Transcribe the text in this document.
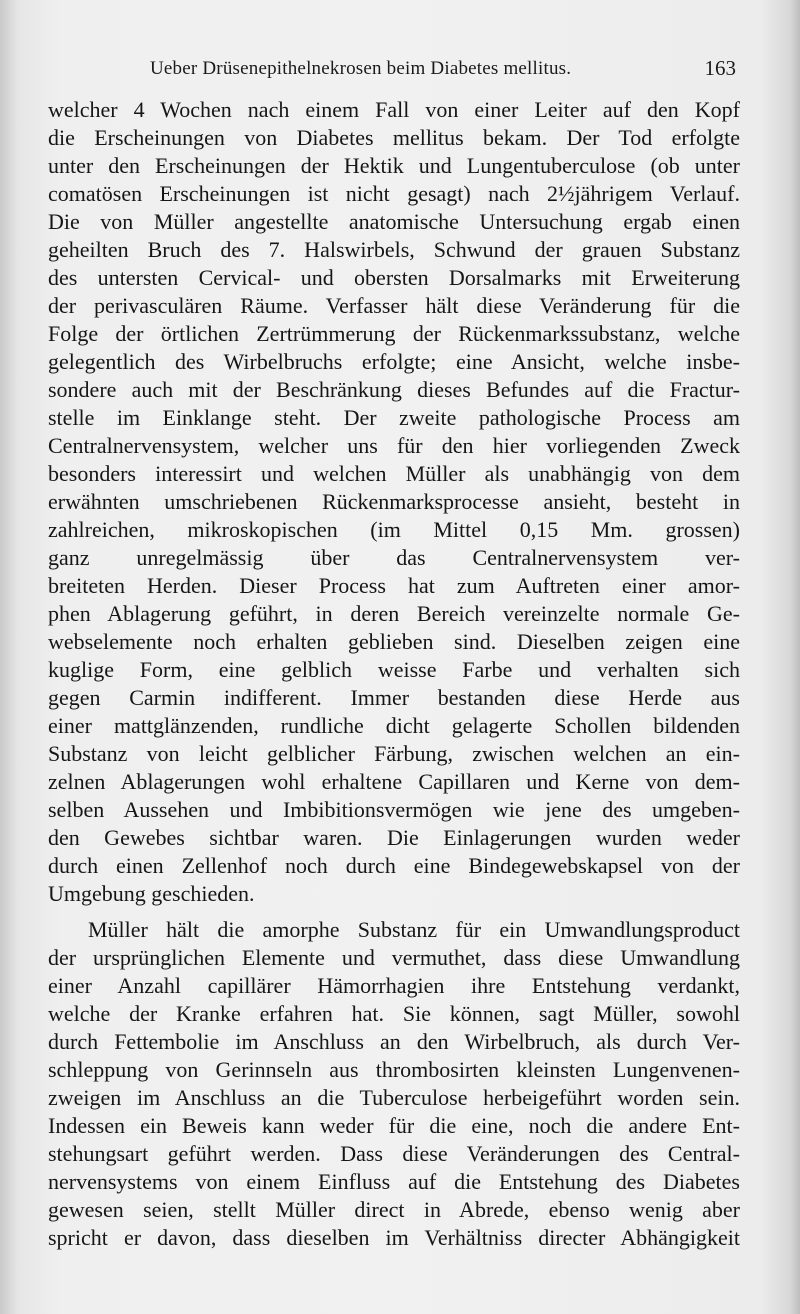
Ueber Drüsenepithelnekrosen beim Diabetes mellitus.	163
welcher 4 Wochen nach einem Fall von einer Leiter auf den Kopf
die Erscheinungen von Diabetes mellitus bekam. Der Tod erfolgte
unter den Erscheinungen der Hektik und Lungentuberculose (ob unter
comatösen Erscheinungen ist nicht gesagt) nach 2½jährigem Verlauf.
Die von Müller angestellte anatomische Untersuchung ergab einen
geheilten Bruch des 7. Halswirbels, Schwund der grauen Substanz
des untersten Cervical- und obersten Dorsalmarks mit Erweiterung
der perivasculären Räume. Verfasser hält diese Veränderung für die
Folge der örtlichen Zertrümmerung der Rückenmarkssubstanz, welche
gelegentlich des Wirbelbruchs erfolgte; eine Ansicht, welche insbe-
sondere auch mit der Beschränkung dieses Befundes auf die Fractur-
stelle im Einklange steht. Der zweite pathologische Process am
Centralnervensystem, welcher uns für den hier vorliegenden Zweck
besonders interessirt und welchen Müller als unabhängig von dem
erwähnten umschriebenen Rückenmarksprocesse ansieht, besteht in
zahlreichen, mikroskopischen (im Mittel 0,15 Mm. grossen)
ganz unregelmässig über das Centralnervensystem ver-
breiteten Herden. Dieser Process hat zum Auftreten einer amor-
phen Ablagerung geführt, in deren Bereich vereinzelte normale Ge-
webselemente noch erhalten geblieben sind. Dieselben zeigen eine
kuglige Form, eine gelblich weisse Farbe und verhalten sich
gegen Carmin indifferent. Immer bestanden diese Herde aus
einer mattglänzenden, rundliche dicht gelagerte Schollen bildenden
Substanz von leicht gelblicher Färbung, zwischen welchen an ein-
zelnen Ablagerungen wohl erhaltene Capillaren und Kerne von dem-
selben Aussehen und Imbibitionsvermögen wie jene des umgeben-
den Gewebes sichtbar waren. Die Einlagerungen wurden weder
durch einen Zellenhof noch durch eine Bindegewebskapsel von der
Umgebung geschieden.
Müller hält die amorphe Substanz für ein Umwandlungsproduct
der ursprünglichen Elemente und vermuthet, dass diese Umwandlung
einer Anzahl capillärer Hämorrhagien ihre Entstehung verdankt,
welche der Kranke erfahren hat. Sie können, sagt Müller, sowohl
durch Fettembolie im Anschluss an den Wirbelbruch, als durch Ver-
schleppung von Gerinnseln aus thrombosirten kleinsten Lungenvenen-
zweigen im Anschluss an die Tuberculose herbeigeführt worden sein.
Indessen ein Beweis kann weder für die eine, noch die andere Ent-
stehungsart geführt werden. Dass diese Veränderungen des Central-
nervensystems von einem Einfluss auf die Entstehung des Diabetes
gewesen seien, stellt Müller direct in Abrede, ebenso wenig aber
spricht er davon, dass dieselben im Verhältniss directer Abhängigkeit
